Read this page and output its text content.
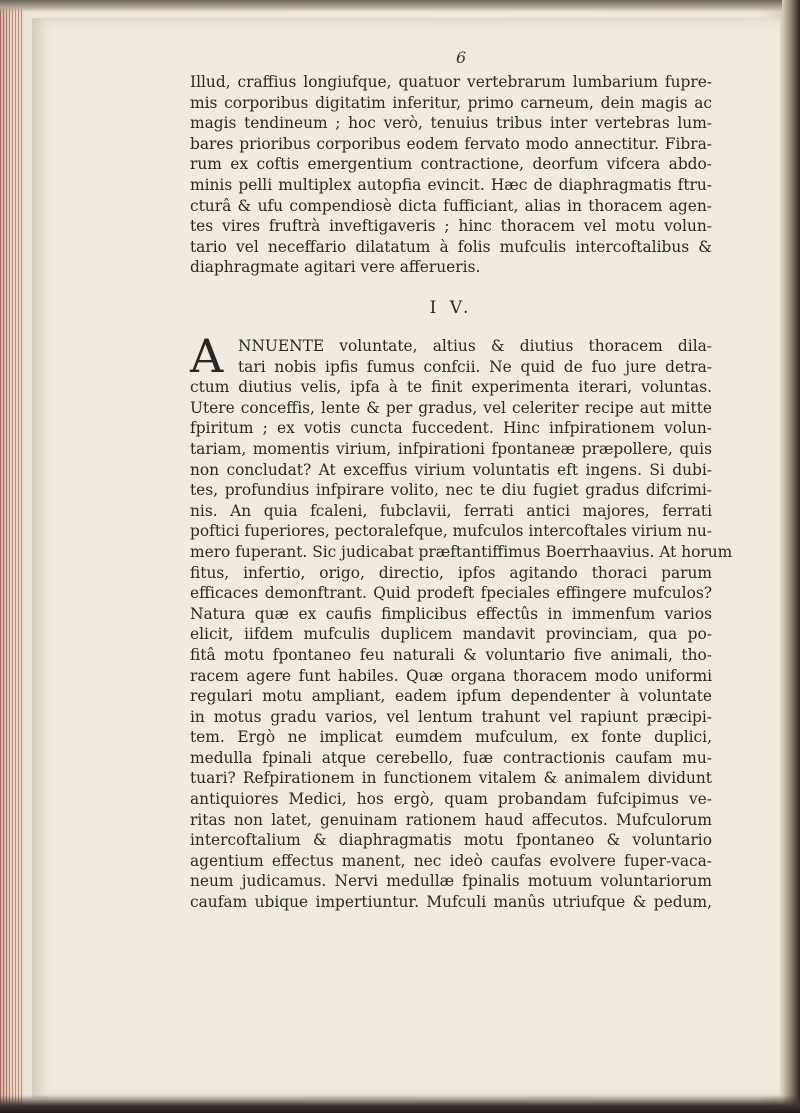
6
Illud, craffius longiufque, quatuor vertebrarum lumbarium fupre-
mis corporibus digitatim inferitur, primo carneum, dein magis ac
magis tendineum ; hoc verò, tenuius tribus inter vertebras lum-
bares prioribus corporibus eodem fervato modo annectitur. Fibra-
rum ex coftis emergentium contractione, deorfum vifcera abdo-
minis pelli multiplex autopfia evincit. Hæc de diaphragmatis ftru-
cturâ & ufu compendiosè dicta fufficiant, alias in thoracem agen-
tes vires fruftrà inveftigaveris ; hinc thoracem vel motu volun-
tario vel neceffario dilatatum à folis mufculis intercoftalibus &
diaphragmate agitari vere afferueris.
I V.
A NNUENTE voluntate, altius & diutius thoracem dila-
tari nobis ipfis fumus confcii. Ne quid de fuo jure detra-
ctum diutius velis, ipfa à te finit experimenta iterari, voluntas.
Utere conceffis, lente & per gradus, vel celeriter recipe aut mitte
fpiritum ; ex votis cuncta fuccedent. Hinc infpirationem volun-
tariam, momentis virium, infpirationi fpontaneæ præpollere, quis
non concludat? At exceffus virium voluntatis eft ingens. Si dubi-
tes, profundius infpirare volito, nec te diu fugiet gradus difcrimi-
nis. An quia fcaleni, fubclavii, ferrati antici majores, ferrati
poftici fuperiores, pectoralefque, mufculos intercoftales virium nu-
mero fuperant. Sic judicabat præftantiffimus Boerrhaavius. At horum
fitus, infertio, origo, directio, ipfos agitando thoraci parum
efficaces demonftrant. Quid prodeft fpeciales effingere mufculos?
Natura quæ ex caufis fimplicibus effectûs in immenfum varios
elicit, iifdem mufculis duplicem mandavit provinciam, qua po-
fitâ motu fpontaneo feu naturali & voluntario five animali, tho-
racem agere funt habiles. Quæ organa thoracem modo uniformi
regulari motu ampliant, eadem ipfum dependenter à voluntate
in motus gradu varios, vel lentum trahunt vel rapiunt præcipi-
tem. Ergò ne implicat eumdem mufculum, ex fonte duplici,
medulla fpinali atque cerebello, fuæ contractionis caufam mu-
tuari? Refpirationem in functionem vitalem & animalem dividunt
antiquiores Medici, hos ergò, quam probandam fufcipimus ve-
ritas non latet, genuinam rationem haud affecutos. Mufculorum
intercoftalium & diaphragmatis motu fpontaneo & voluntario
agentium effectus manent, nec ideò caufas evolvere fuper-vaca-
neum judicamus. Nervi medullæ fpinalis motuum voluntariorum
caufam ubique impertiuntur. Mufculi manûs utriufque & pedum,
